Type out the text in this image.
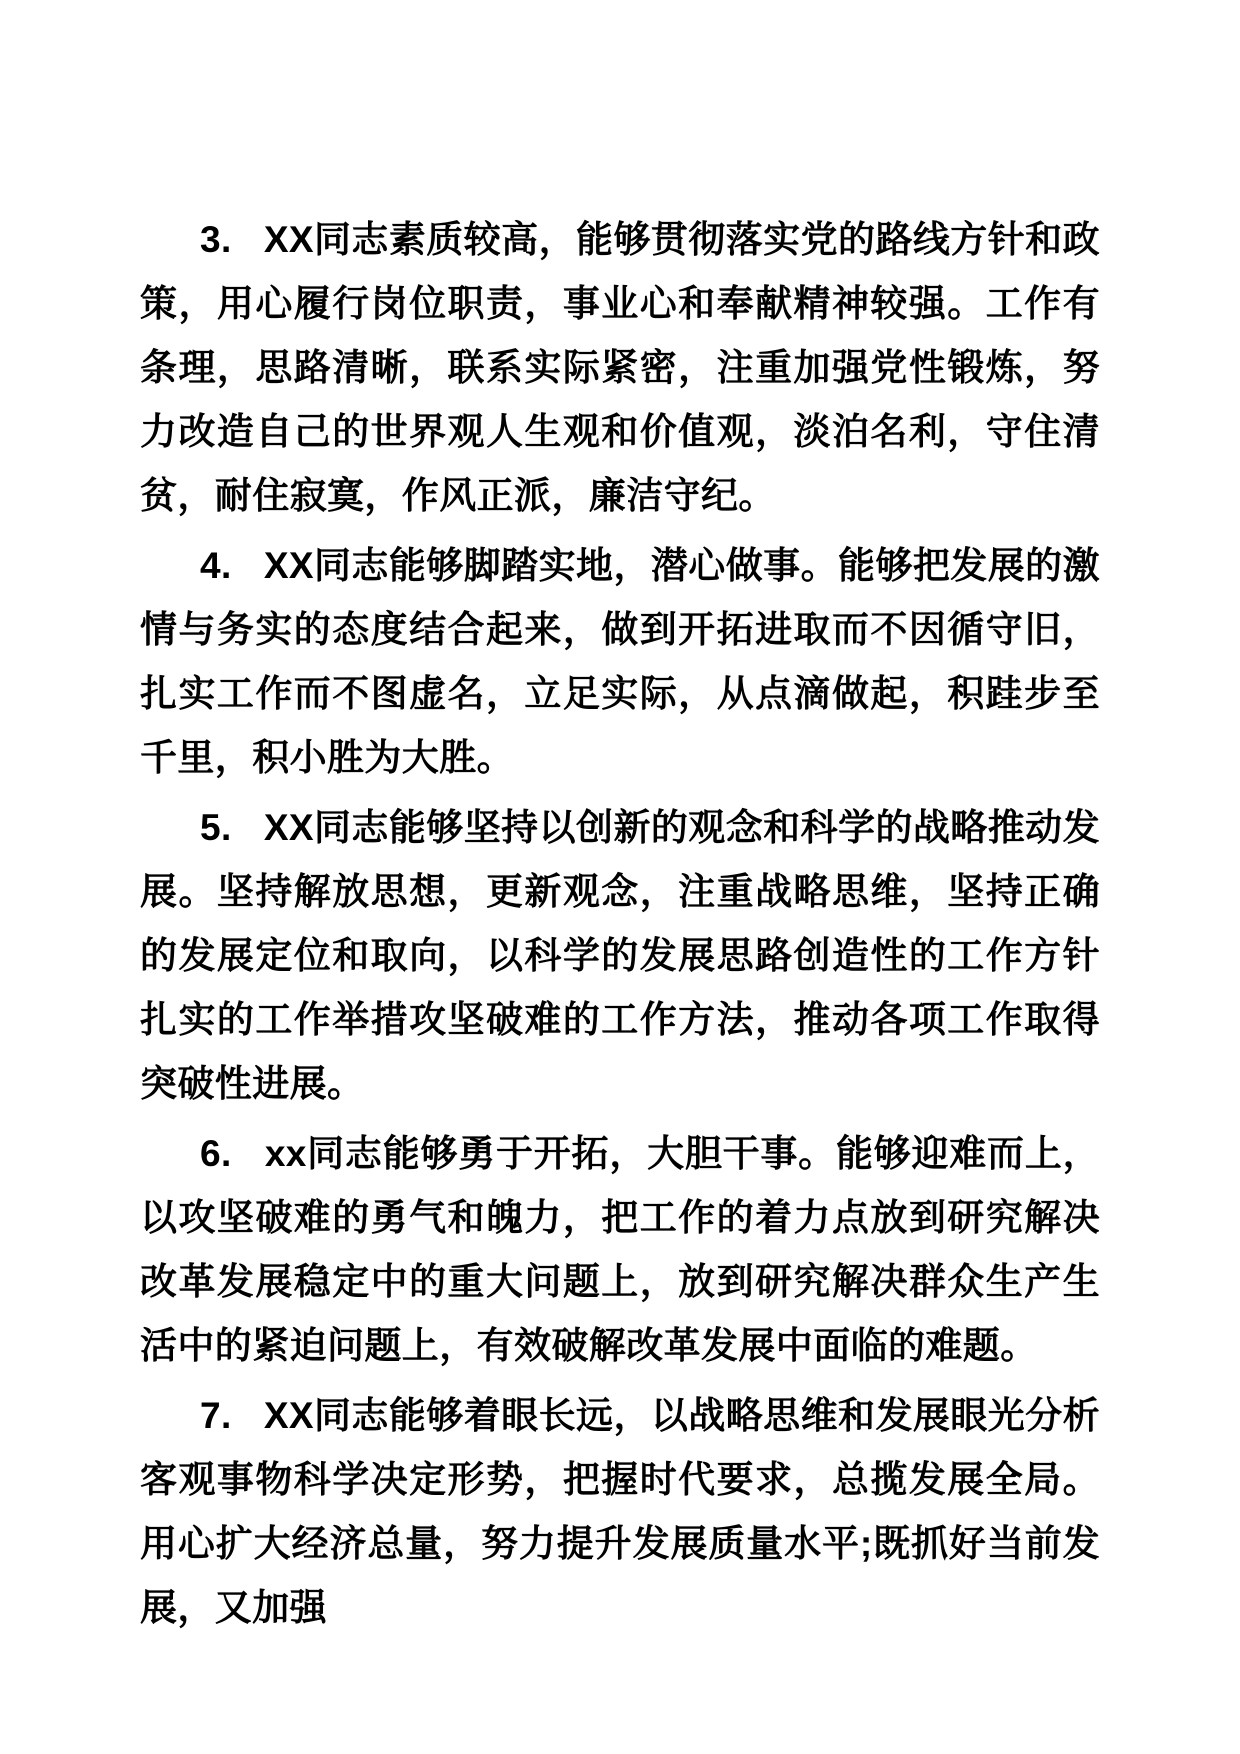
3. XX同志素质较高，能够贯彻落实党的路线方针和政策，用心履行岗位职责，事业心和奉献精神较强。工作有条理，思路清晰，联系实际紧密，注重加强党性锻炼，努力改造自己的世界观人生观和价值观，淡泊名利，守住清贫，耐住寂寞，作风正派，廉洁守纪。

4. XX同志能够脚踏实地，潜心做事。能够把发展的激情与务实的态度结合起来，做到开拓进取而不因循守旧，扎实工作而不图虚名，立足实际，从点滴做起，积跬步至千里，积小胜为大胜。

5. XX同志能够坚持以创新的观念和科学的战略推动发展。坚持解放思想，更新观念，注重战略思维，坚持正确的发展定位和取向，以科学的发展思路创造性的工作方针扎实的工作举措攻坚破难的工作方法，推动各项工作取得突破性进展。

6. xx同志能够勇于开拓，大胆干事。能够迎难而上，以攻坚破难的勇气和魄力，把工作的着力点放到研究解决改革发展稳定中的重大问题上，放到研究解决群众生产生活中的紧迫问题上，有效破解改革发展中面临的难题。

7. XX同志能够着眼长远，以战略思维和发展眼光分析客观事物科学决定形势，把握时代要求，总揽发展全局。用心扩大经济总量，努力提升发展质量水平;既抓好当前发展，又加强
